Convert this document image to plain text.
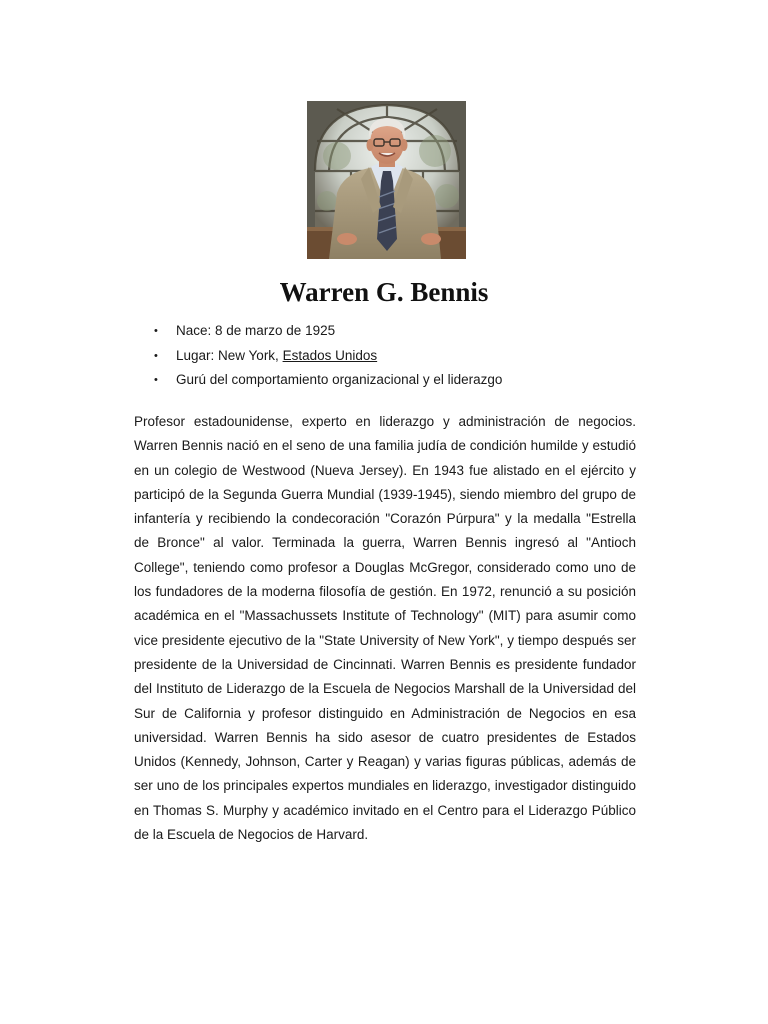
Warren G. Bennis
• Nace: 8 de marzo de 1925
• Lugar: New York, Estados Unidos
• Gurú del comportamiento organizacional y el liderazgo

Profesor estadounidense, experto en liderazgo y administración de negocios. Warren Bennis nació en el seno de una familia judía de condición humilde y estudió en un colegio de Westwood (Nueva Jersey). En 1943 fue alistado en el ejército y participó de la Segunda Guerra Mundial (1939-1945), siendo miembro del grupo de infantería y recibiendo la condecoración "Corazón Púrpura" y la medalla "Estrella de Bronce" al valor. Terminada la guerra, Warren Bennis ingresó al "Antioch College", teniendo como profesor a Douglas McGregor, considerado como uno de los fundadores de la moderna filosofía de gestión. En 1972, renunció a su posición académica en el "Massachussets Institute of Technology" (MIT) para asumir como vice presidente ejecutivo de la "State University of New York", y tiempo después ser presidente de la Universidad de Cincinnati. Warren Bennis es presidente fundador del Instituto de Liderazgo de la Escuela de Negocios Marshall de la Universidad del Sur de California y profesor distinguido en Administración de Negocios en esa universidad. Warren Bennis ha sido asesor de cuatro presidentes de Estados Unidos (Kennedy, Johnson, Carter y Reagan) y varias figuras públicas, además de ser uno de los principales expertos mundiales en liderazgo, investigador distinguido en Thomas S. Murphy y académico invitado en el Centro para el Liderazgo Público de la Escuela de Negocios de Harvard.
